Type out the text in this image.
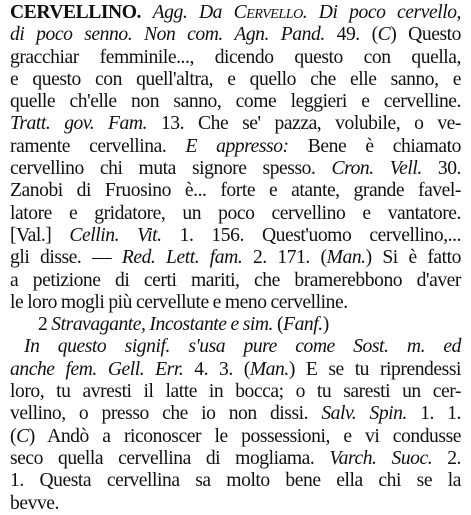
CERVELLINO. Agg. Da Cervello. Di poco cervello,
di poco senno. Non com. Agn. Pand. 49. (C) Questo
gracchiar femminile..., dicendo questo con quella,
e questo con quell'altra, e quello che elle sanno, e
quelle ch'elle non sanno, come leggieri e cervelline.
Tratt. gov. Fam. 13. Che se' pazza, volubile, o ve-
ramente cervellina. E appresso: Bene è chiamato
cervellino chi muta signore spesso. Cron. Vell. 30.
Zanobi di Fruosino è... forte e atante, grande favel-
latore e gridatore, un poco cervellino e vantatore.
[Val.] Cellin. Vit. 1. 156. Quest'uomo cervellino,...
gli disse. — Red. Lett. fam. 2. 171. (Man.) Si è fatto
a petizione di certi mariti, che bramerebbono d'aver
le loro mogli più cervellute e meno cervelline.
2 Stravagante, Incostante e sim. (Fanf.)
In questo signif. s'usa pure come Sost. m. ed
anche fem. Gell. Err. 4. 3. (Man.) E se tu riprendessi
loro, tu avresti il latte in bocca; o tu saresti un cer-
vellino, o presso che io non dissi. Salv. Spin. 1. 1.
(C) Andò a riconoscer le possessioni, e vi condusse
seco quella cervellina di mogliama. Varch. Suoc. 2.
1. Questa cervellina sa molto bene ella chi se la
bevve.
